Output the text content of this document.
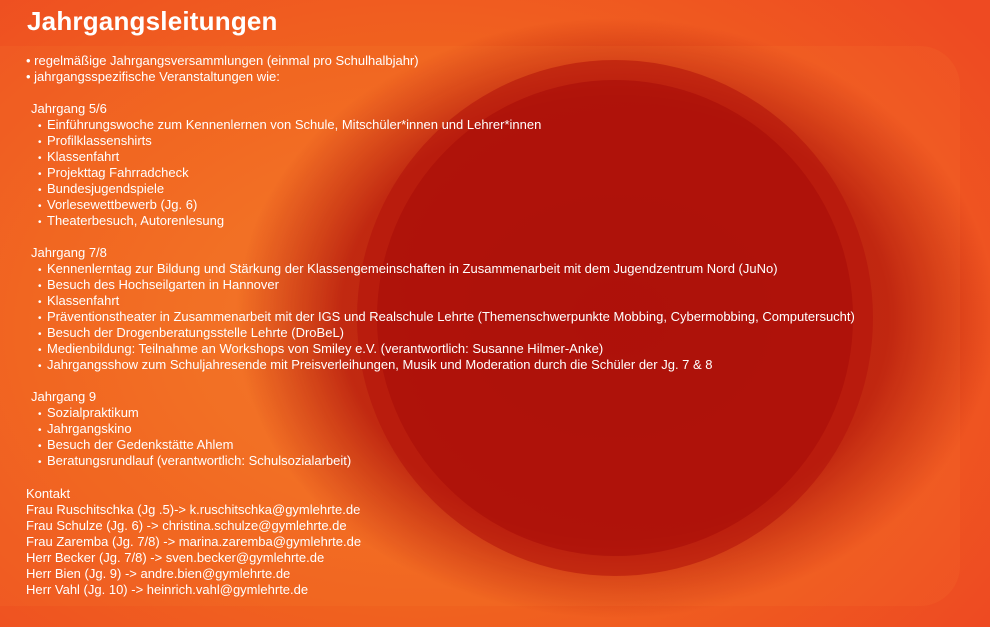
Jahrgangsleitungen
• regelmäßige Jahrgangsversammlungen (einmal pro Schulhalbjahr)
• jahrgangsspezifische Veranstaltungen wie:
Jahrgang 5/6
• Einführungswoche zum Kennenlernen von Schule, Mitschüler*innen und Lehrer*innen
• Profilklassenshirts
• Klassenfahrt
• Projekttag Fahrradcheck
• Bundesjugendspiele
• Vorlesewettbewerb (Jg. 6)
• Theaterbesuch, Autorenlesung
Jahrgang 7/8
• Kennenlerntag zur Bildung und Stärkung der Klassengemeinschaften in Zusammenarbeit mit dem Jugendzentrum Nord (JuNo)
• Besuch des Hochseilgarten in Hannover
• Klassenfahrt
• Präventionstheater in Zusammenarbeit mit der IGS und Realschule Lehrte (Themenschwerpunkte Mobbing, Cybermobbing, Computersucht)
• Besuch der Drogenberatungsstelle Lehrte (DroBeL)
• Medienbildung: Teilnahme an Workshops von Smiley e.V. (verantwortlich: Susanne Hilmer-Anke)
• Jahrgangsshow zum Schuljahresende mit Preisverleihungen, Musik und Moderation durch die Schüler der Jg. 7 & 8
Jahrgang 9
• Sozialpraktikum
• Jahrgangskino
• Besuch der Gedenkstätte Ahlem
• Beratungsrundlauf (verantwortlich: Schulsozialarbeit)
Kontakt
Frau Ruschitschka (Jg .5)-> k.ruschitschka@gymlehrte.de
Frau Schulze (Jg. 6) -> christina.schulze@gymlehrte.de
Frau Zaremba (Jg. 7/8) -> marina.zaremba@gymlehrte.de
Herr Becker (Jg. 7/8) -> sven.becker@gymlehrte.de
Herr Bien (Jg. 9) -> andre.bien@gymlehrte.de
Herr Vahl (Jg. 10) -> heinrich.vahl@gymlehrte.de
